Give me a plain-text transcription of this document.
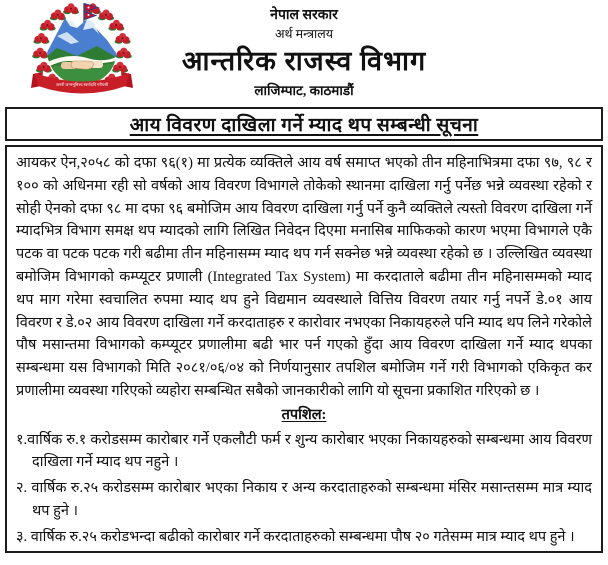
जननी जन्मभूमिश्च स्वर्गादपि गरीयसी
नेपाल सरकार
अर्थ मन्त्रालय
आन्तरिक राजस्व विभाग
लाजिम्पाट, काठमाडौं
आय विवरण दाखिला गर्ने म्याद थप सम्बन्धी सूचना

आयकर ऐन,२०५८ को दफा ९६(१) मा प्रत्येक व्यक्तिले आय वर्ष समाप्त भएको तीन महिनाभित्रमा दफा ९७, ९८ र १०० को अधिनमा रही सो वर्षको आय विवरण विभागले तोकेको स्थानमा दाखिला गर्नु पर्नेछ भन्ने व्यवस्था रहेको र सोही ऐनको दफा ९८ मा दफा ९६ बमोजिम आय विवरण दाखिला गर्नु पर्ने कुनै व्यक्तिले त्यस्तो विवरण दाखिला गर्ने म्यादभित्र विभाग समक्ष थप म्यादको लागि लिखित निवेदन दिएमा मनासिब माफिकको कारण भएमा विभागले एकै पटक वा पटक पटक गरी बढीमा तीन महिनासम्म म्याद थप गर्न सक्नेछ भन्ने व्यवस्था रहेको छ । उल्लिखित व्यवस्था बमोजिम विभागको कम्प्यूटर प्रणाली (Integrated Tax System) मा करदाताले बढीमा तीन महिनासम्मको म्याद थप माग गरेमा स्वचालित रुपमा म्याद थप हुने विद्यमान व्यवस्थाले वित्तिय विवरण तयार गर्नु नपर्ने डे.०१ आय विवरण र डे.०२ आय विवरण दाखिला गर्ने करदाताहरु र कारोवार नभएका निकायहरुले पनि म्याद थप लिने गरेकोले पौष मसान्तमा विभागको कम्प्यूटर प्रणालीमा बढी भार पर्न गएको हुँदा आय विवरण दाखिला गर्ने म्याद थपका सम्बन्धमा यस विभागको मिति २०८१/०६/०४ को निर्णयानुसार तपशिल बमोजिम गर्ने गरी विभागको एकिकृत कर प्रणालीमा व्यवस्था गरिएको व्यहोरा सम्बन्धित सबैको जानकारीको लागि यो सूचना प्रकाशित गरिएको छ ।

तपशिल:
१.वार्षिक रु.१ करोडसम्म कारोबार गर्ने एकलौटी फर्म र शुन्य कारोबार भएका निकायहरुको सम्बन्धमा आय विवरण दाखिला गर्ने म्याद थप नहुने ।
२. वार्षिक रु.२५ करोडसम्म कारोबार भएका निकाय र अन्य करदाताहरुको सम्बन्धमा मंसिर मसान्तसम्म मात्र म्याद थप हुने ।
३. वार्षिक रु.२५ करोडभन्दा बढीको कारोबार गर्ने करदाताहरुको सम्बन्धमा पौष २० गतेसम्म मात्र म्याद थप हुने ।
